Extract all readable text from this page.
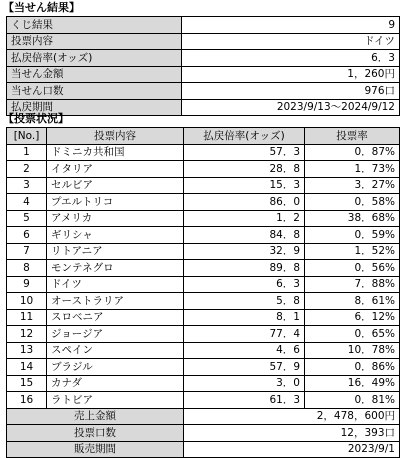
【当せん結果】
くじ結果	9
投票内容	ドイツ
払戻倍率(オッズ)	6．3
当せん金額	1，260円
当せん口数	976口
払戻期間	2023/9/13～2024/9/12
【投票状況】
[No.]	投票内容	払戻倍率(オッズ)	投票率
1	ドミニカ共和国	57．3	0．87%
2	イタリア	28．8	1．73%
3	セルビア	15．3	3．27%
4	プエルトリコ	86．0	0．58%
5	アメリカ	1．2	38．68%
6	ギリシャ	84．8	0．59%
7	リトアニア	32．9	1．52%
8	モンテネグロ	89．8	0．56%
9	ドイツ	6．3	7．88%
10	オーストラリア	5．8	8．61%
11	スロベニア	8．1	6．12%
12	ジョージア	77．4	0．65%
13	スペイン	4．6	10．78%
14	ブラジル	57．9	0．86%
15	カナダ	3．0	16．49%
16	ラトビア	61．3	0．81%
売上金額		2，478，600円	
投票口数		12，393口	
販売期間		2023/9/1	
